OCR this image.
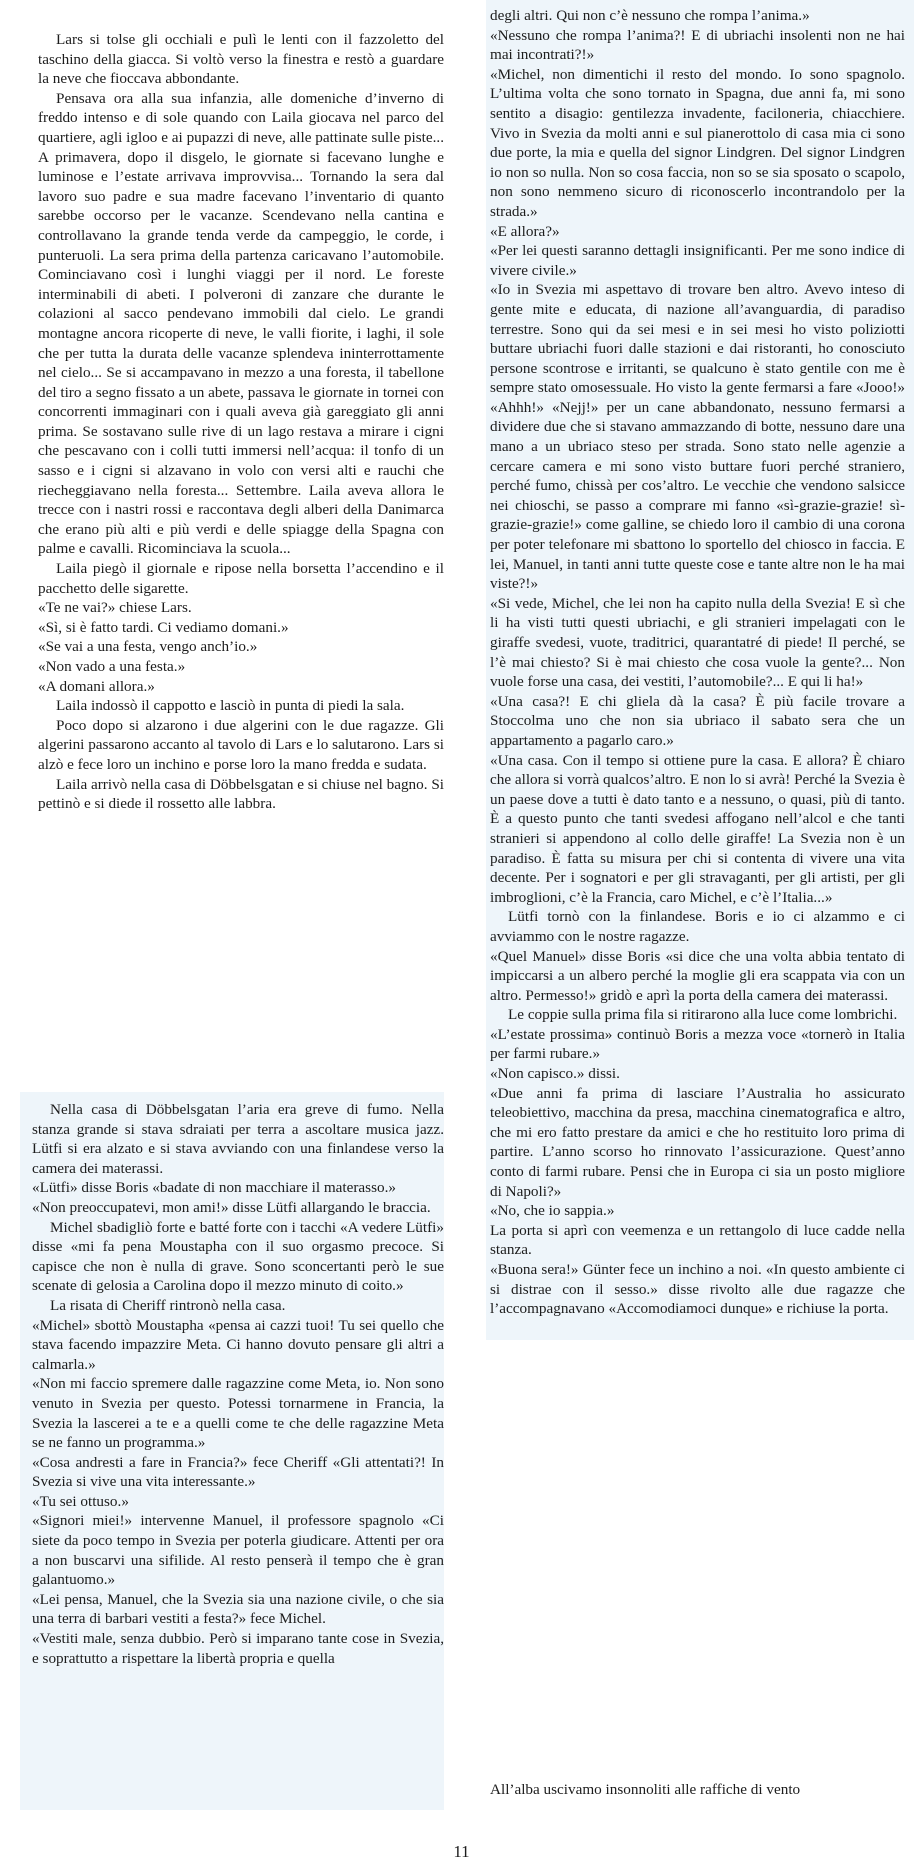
Lars si tolse gli occhiali e pulì le lenti con il fazzoletto del taschino della giacca. Si voltò verso la finestra e restò a guardare la neve che fioccava abbondante.

Pensava ora alla sua infanzia, alle domeniche d’inverno di freddo intenso e di sole quando con Laila giocava nel parco del quartiere, agli igloo e ai pupazzi di neve, alle pattinate sulle piste... A primavera, dopo il disgelo, le giornate si facevano lunghe e luminose e l’estate arrivava improvvisa... Tornando la sera dal lavoro suo padre e sua madre facevano l’inventario di quanto sarebbe occorso per le vacanze. Scendevano nella cantina e controllavano la grande tenda verde da campeggio, le corde, i punteruoli. La sera prima della partenza caricavano l’automobile. Cominciavano così i lunghi viaggi per il nord. Le foreste interminabili di abeti. I polveroni di zanzare che durante le colazioni al sacco pendevano immobili dal cielo. Le grandi montagne ancora ricoperte di neve, le valli fiorite, i laghi, il sole che per tutta la durata delle vacanze splendeva ininterrottamente nel cielo... Se si accampavano in mezzo a una foresta, il tabellone del tiro a segno fissato a un abete, passava le giornate in tornei con concorrenti immaginari con i quali aveva già gareggiato gli anni prima. Se sostavano sulle rive di un lago restava a mirare i cigni che pescavano con i colli tutti immersi nell’acqua: il tonfo di un sasso e i cigni si alzavano in volo con versi alti e rauchi che riecheggiavano nella foresta... Settembre. Laila aveva allora le trecce con i nastri rossi e raccontava degli alberi della Danimarca che erano più alti e più verdi e delle spiagge della Spagna con palme e cavalli. Ricominciava la scuola...

Laila piegò il giornale e ripose nella borsetta l’accendino e il pacchetto delle sigarette.

«Te ne vai?» chiese Lars.

«Sì, si è fatto tardi. Ci vediamo domani.»

«Se vai a una festa, vengo anch’io.»

«Non vado a una festa.»

«A domani allora.»

Laila indossò il cappotto e lasciò in punta di piedi la sala.

Poco dopo si alzarono i due algerini con le due ragazze. Gli algerini passarono accanto al tavolo di Lars e lo salutarono. Lars si alzò e fece loro un inchino e porse loro la mano fredda e sudata.

Laila arrivò nella casa di Döbbelsgatan e si chiuse nel bagno. Si pettinò e si diede il rossetto alle labbra.

Nella casa di Döbbelsgatan l’aria era greve di fumo. Nella stanza grande si stava sdraiati per terra a ascoltare musica jazz. Lütfi si era alzato e si stava avviando con una finlandese verso la camera dei materassi.

«Lütfi» disse Boris «badate di non macchiare il materasso.»

«Non preoccupatevi, mon ami!» disse Lütfi allargando le braccia.

Michel sbadigliò forte e batté forte con i tacchi «A vedere Lütfi» disse «mi fa pena Moustapha con il suo orgasmo precoce. Si capisce che non è nulla di grave. Sono sconcertanti però le sue scenate di gelosia a Carolina dopo il mezzo minuto di coito.»

La risata di Cheriff rintronò nella casa.

«Michel» sbottò Moustapha «pensa ai cazzi tuoi! Tu sei quello che stava facendo impazzire Meta. Ci hanno dovuto pensare gli altri a calmarla.»

«Non mi faccio spremere dalle ragazzine come Meta, io. Non sono venuto in Svezia per questo. Potessi tornarmene in Francia, la Svezia la lascerei a te e a quelli come te che delle ragazzine Meta se ne fanno un programma.»

«Cosa andresti a fare in Francia?» fece Cheriff «Gli attentati?! In Svezia si vive una vita interessante.»

«Tu sei ottuso.»

«Signori miei!» intervenne Manuel, il professore spagnolo «Ci siete da poco tempo in Svezia per poterla giudicare. Attenti per ora a non buscarvi una sifilide. Al resto penserà il tempo che è gran galantuomo.»

«Lei pensa, Manuel, che la Svezia sia una nazione civile, o che sia una terra di barbari vestiti a festa?» fece Michel.

«Vestiti male, senza dubbio. Però si imparano tante cose in Svezia, e soprattutto a rispettare la libertà propria e quella

degli altri. Qui non c’è nessuno che rompa l’anima.»

«Nessuno che rompa l’anima?! E di ubriachi insolenti non ne hai mai incontrati?!»

«Michel, non dimentichi il resto del mondo. Io sono spagnolo. L’ultima volta che sono tornato in Spagna, due anni fa, mi sono sentito a disagio: gentilezza invadente, faciloneria, chiacchiere. Vivo in Svezia da molti anni e sul pianerottolo di casa mia ci sono due porte, la mia e quella del signor Lindgren. Del signor Lindgren io non so nulla. Non so cosa faccia, non so se sia sposato o scapolo, non sono nemmeno sicuro di riconoscerlo incontrandolo per la strada.»

«E allora?»

«Per lei questi saranno dettagli insignificanti. Per me sono indice di vivere civile.»

«Io in Svezia mi aspettavo di trovare ben altro. Avevo inteso di gente mite e educata, di nazione all’avanguardia, di paradiso terrestre. Sono qui da sei mesi e in sei mesi ho visto poliziotti buttare ubriachi fuori dalle stazioni e dai ristoranti, ho conosciuto persone scontrose e irritanti, se qualcuno è stato gentile con me è sempre stato omosessuale. Ho visto la gente fermarsi a fare «Jooo!» «Ahhh!» «Nejj!» per un cane abbandonato, nessuno fermarsi a dividere due che si stavano ammazzando di botte, nessuno dare una mano a un ubriaco steso per strada. Sono stato nelle agenzie a cercare camera e mi sono visto buttare fuori perché straniero, perché fumo, chissà per cos’altro. Le vecchie che vendono salsicce nei chioschi, se passo a comprare mi fanno «sì-grazie-grazie! sì-grazie-grazie!» come galline, se chiedo loro il cambio di una corona per poter telefonare mi sbattono lo sportello del chiosco in faccia. E lei, Manuel, in tanti anni tutte queste cose e tante altre non le ha mai viste?!»

«Si vede, Michel, che lei non ha capito nulla della Svezia! E sì che li ha visti tutti questi ubriachi, e gli stranieri impelagati con le giraffe svedesi, vuote, traditrici, quarantatré di piede! Il perché, se l’è mai chiesto? Si è mai chiesto che cosa vuole la gente?... Non vuole forse una casa, dei vestiti, l’automobile?... E qui li ha!»

«Una casa?! E chi gliela dà la casa? È più facile trovare a Stoccolma uno che non sia ubriaco il sabato sera che un appartamento a pagarlo caro.»

«Una casa. Con il tempo si ottiene pure la casa. E allora? È chiaro che allora si vorrà qualcos’altro. E non lo si avrà! Perché la Svezia è un paese dove a tutti è dato tanto e a nessuno, o quasi, più di tanto. È a questo punto che tanti svedesi affogano nell’alcol e che tanti stranieri si appendono al collo delle giraffe! La Svezia non è un paradiso. È fatta su misura per chi si contenta di vivere una vita decente. Per i sognatori e per gli stravaganti, per gli artisti, per gli imbroglioni, c’è la Francia, caro Michel, e c’è l’Italia...»

Lütfi tornò con la finlandese. Boris e io ci alzammo e ci avviammo con le nostre ragazze.

«Quel Manuel» disse Boris «si dice che una volta abbia tentato di impiccarsi a un albero perché la moglie gli era scappata via con un altro. Permesso!» gridò e aprì la porta della camera dei materassi.

Le coppie sulla prima fila si ritirarono alla luce come lombrichi.

«L’estate prossima» continuò Boris a mezza voce «tornerò in Italia per farmi rubare.»

«Non capisco.» dissi.

«Due anni fa prima di lasciare l’Australia ho assicurato teleobiettivo, macchina da presa, macchina cinematografica e altro, che mi ero fatto prestare da amici e che ho restituito loro prima di partire. L’anno scorso ho rinnovato l’assicurazione. Quest’anno conto di farmi rubare. Pensi che in Europa ci sia un posto migliore di Napoli?»

«No, che io sappia.»

La porta si aprì con veemenza e un rettangolo di luce cadde nella stanza.

«Buona sera!» Günter fece un inchino a noi. «In questo ambiente ci si distrae con il sesso.» disse rivolto alle due ragazze che l’accompagnavano «Accomodiamoci dunque» e richiuse la porta.

All’alba uscivamo insonnoliti alle raffiche di vento

11
